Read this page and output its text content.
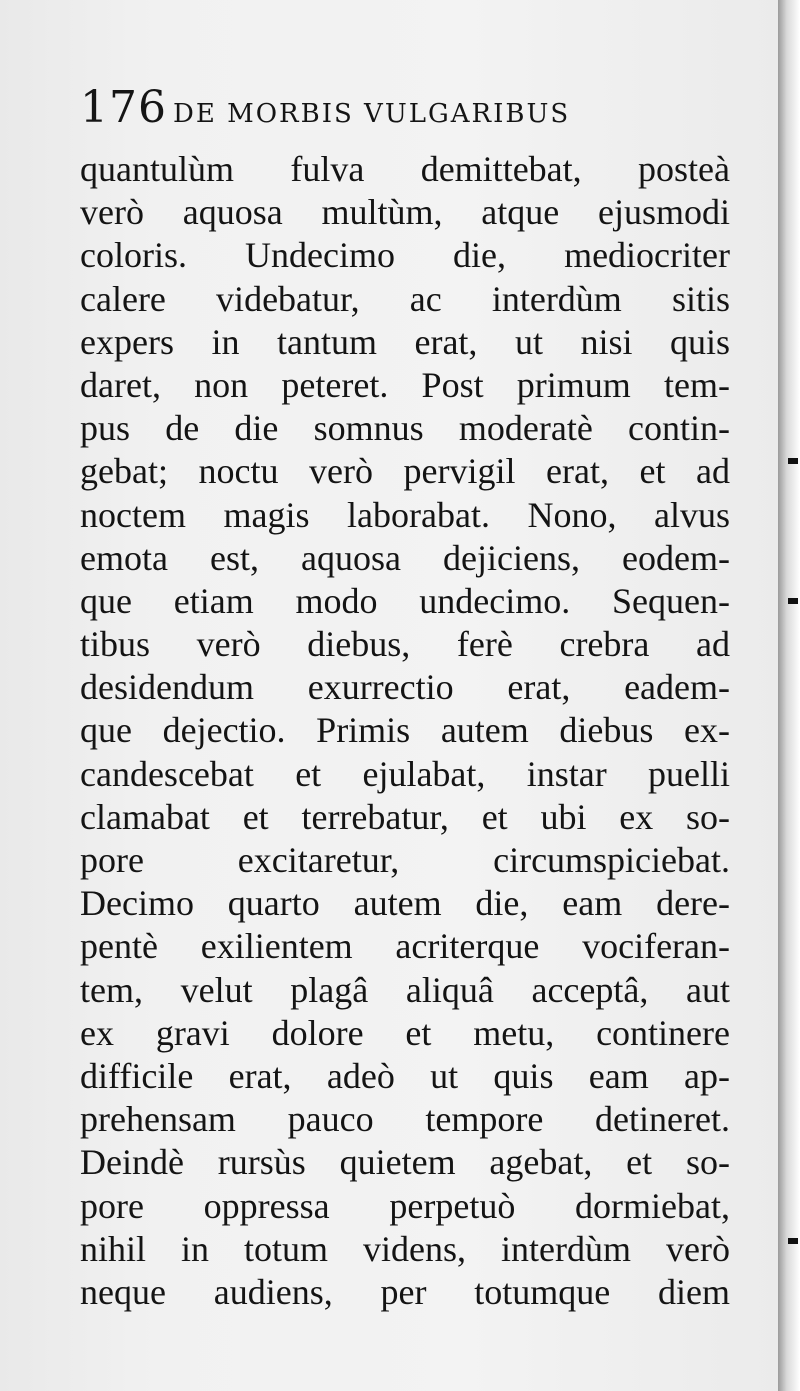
176 DE MORBIS VULGARIBUS
quantulùm fulva demittebat, posteà
verò aquosa multùm, atque ejusmodi
coloris. Undecimo die, mediocriter
calere videbatur, ac interdùm sitis
expers in tantum erat, ut nisi quis
daret, non peteret. Post primum tem-
pus de die somnus moderatè contin-
gebat; noctu verò pervigil erat, et ad
noctem magis laborabat. Nono, alvus
emota est, aquosa dejiciens, eodem-
que etiam modo undecimo. Sequen-
tibus verò diebus, ferè crebra ad
desidendum exurrectio erat, eadem-
que dejectio. Primis autem diebus ex-
candescebat et ejulabat, instar puelli
clamabat et terrebatur, et ubi ex so-
pore excitaretur, circumspiciebat.
Decimo quarto autem die, eam dere-
pentè exilientem acriterque vociferan-
tem, velut plagâ aliquâ acceptâ, aut
ex gravi dolore et metu, continere
difficile erat, adeò ut quis eam ap-
prehensam pauco tempore detineret.
Deindè rursùs quietem agebat, et so-
pore oppressa perpetuò dormiebat,
nihil in totum videns, interdùm verò
neque audiens, per totumque diem
